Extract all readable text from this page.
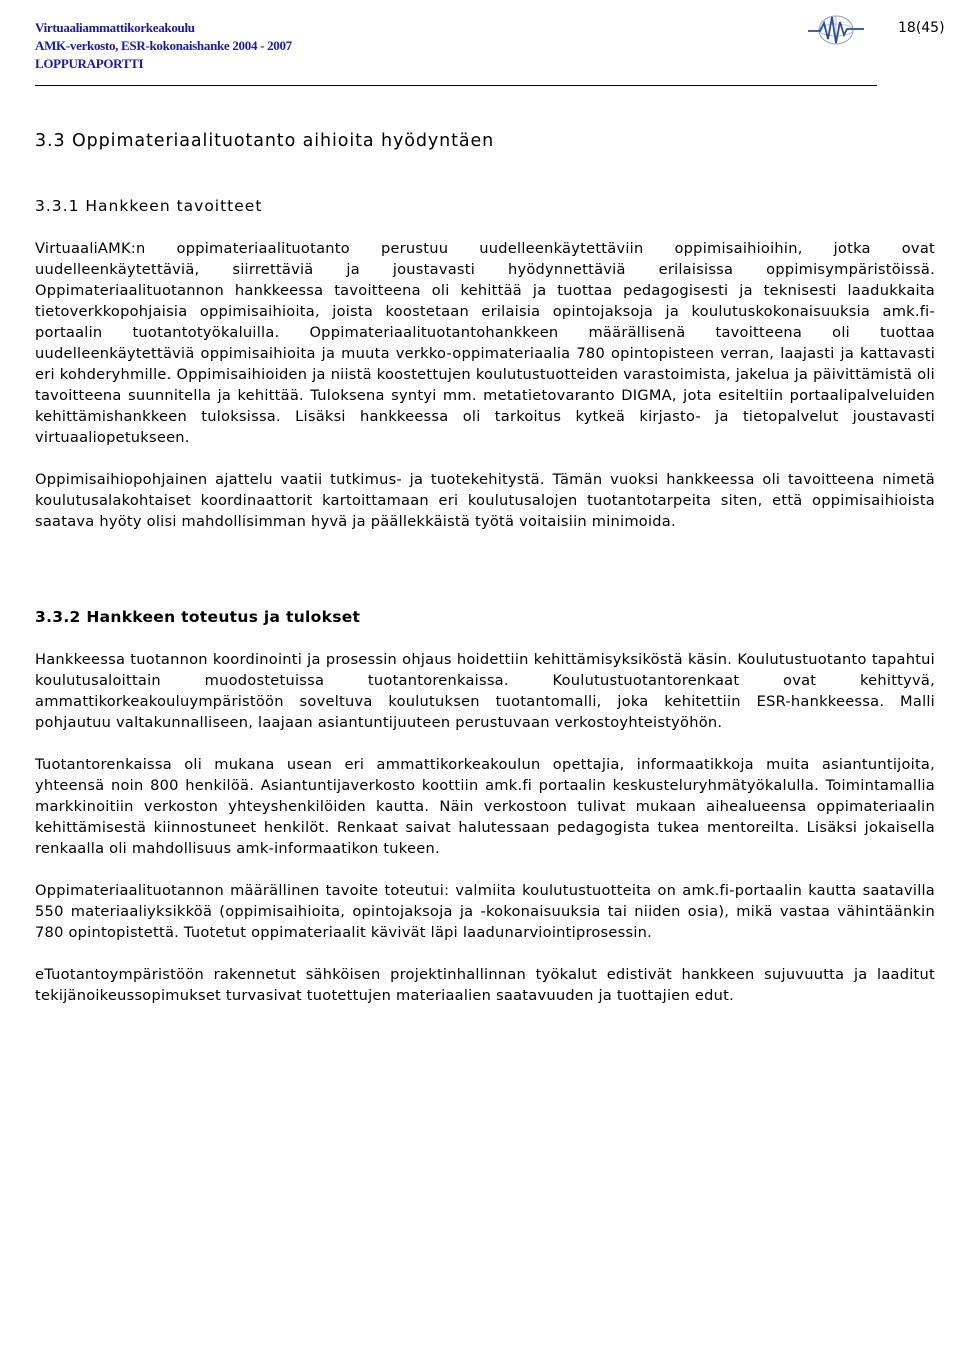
Virtuaaliammattikorkeakoulu
AMK-verkosto, ESR-kokonaishanke 2004 - 2007
LOPPURAPORTTI
18(45)
3.3 Oppimateriaalituotanto aihioita hyödyntäen
3.3.1 Hankkeen tavoitteet

VirtuaaliAMK:n oppimateriaalituotanto perustuu uudelleenkäytettäviin oppimisaihioihin, jotka ovat uudelleenkäytettäviä, siirrettäviä ja joustavasti hyödynnettäviä erilaisissa oppimisympäristöissä. Oppimateriaalituotannon hankkeessa tavoitteena oli kehittää ja tuottaa pedagogisesti ja teknisesti laadukkaita tietoverkkopohjaisia oppimisaihioita, joista koostetaan erilaisia opintojaksoja ja koulutuskokonaisuuksia amk.fi-portaalin tuotantotyökaluilla. Oppimateriaalituotantohankkeen määrällisenä tavoitteena oli tuottaa uudelleenkäytettäviä oppimisaihioita ja muuta verkko-oppimateriaalia 780 opintopisteen verran, laajasti ja kattavasti eri kohderyhmille. Oppimisaihioiden ja niistä koostettujen koulutustuotteiden varastoimista, jakelua ja päivittämistä oli tavoitteena suunnitella ja kehittää. Tuloksena syntyi mm. metatietovaranto DIGMA, jota esiteltiin portaalipalveluiden kehittämishankkeen tuloksissa. Lisäksi hankkeessa oli tarkoitus kytkeä kirjasto- ja tietopalvelut joustavasti virtuaaliopetukseen.

Oppimisaihiopohjainen ajattelu vaatii tutkimus- ja tuotekehitystä. Tämän vuoksi hankkeessa oli tavoitteena nimetä koulutusalakohtaiset koordinaattorit kartoittamaan eri koulutusalojen tuotantotarpeita siten, että oppimisaihioista saatava hyöty olisi mahdollisimman hyvä ja päällekkäistä työtä voitaisiin minimoida.

3.3.2 Hankkeen toteutus ja tulokset

Hankkeessa tuotannon koordinointi ja prosessin ohjaus hoidettiin kehittämisyksiköstä käsin. Koulutustuotanto tapahtui koulutusaloittain muodostetuissa tuotantorenkaissa. Koulutustuotantorenkaat ovat kehittyvä, ammattikorkeakouluympäristöön soveltuva koulutuksen tuotantomalli, joka kehitettiin ESR-hankkeessa. Malli pohjautuu valtakunnalliseen, laajaan asiantuntijuuteen perustuvaan verkostoyhteistyöhön.

Tuotantorenkaissa oli mukana usean eri ammattikorkeakoulun opettajia, informaatikkoja muita asiantuntijoita, yhteensä noin 800 henkilöä. Asiantuntijaverkosto koottiin amk.fi portaalin keskusteluryhmätyökalulla. Toimintamallia markkinoitiin verkoston yhteyshenkilöiden kautta. Näin verkostoon tulivat mukaan aihealueensa oppimateriaalin kehittämisestä kiinnostuneet henkilöt. Renkaat saivat halutessaan pedagogista tukea mentoreilta. Lisäksi jokaisella renkaalla oli mahdollisuus amk-informaatikon tukeen.

Oppimateriaalituotannon määrällinen tavoite toteutui: valmiita koulutustuotteita on amk.fi-portaalin kautta saatavilla 550 materiaaliyksikköä (oppimisaihioita, opintojaksoja ja -kokonaisuuksia tai niiden osia), mikä vastaa vähintäänkin 780 opintopistettä. Tuotetut oppimateriaalit kävivät läpi laadunarviointiprosessin.

eTuotantoympäristöön rakennetut sähköisen projektinhallinnan työkalut edistivät hankkeen sujuvuutta ja laaditut tekijänoikeussopimukset turvasivat tuotettujen materiaalien saatavuuden ja tuottajien edut.
